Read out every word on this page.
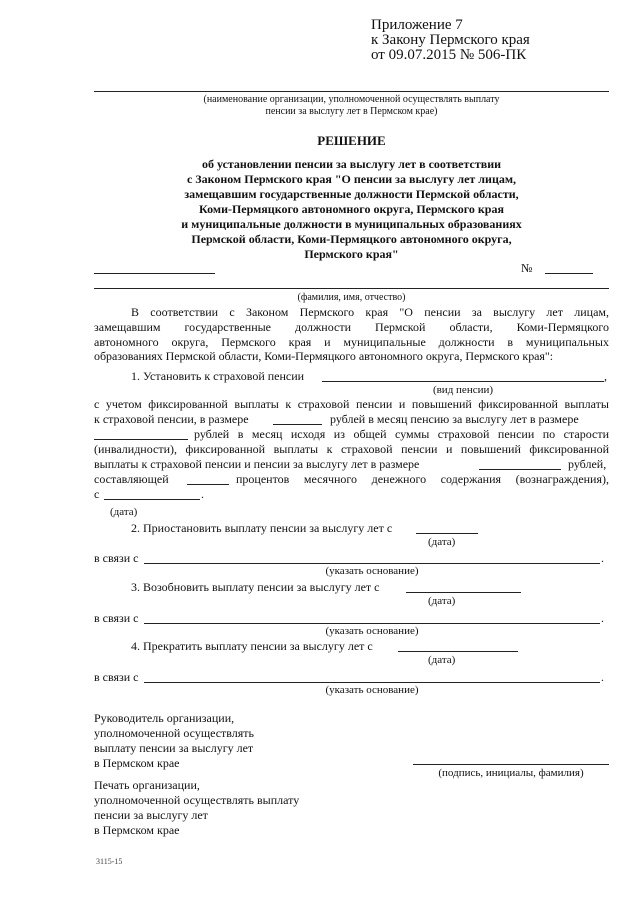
Приложение 7
к Закону Пермского края
от 09.07.2015 № 506-ПК
(наименование организации, уполномоченной осуществлять выплату
пенсии за выслугу лет в Пермском крае)
РЕШЕНИЕ
об установлении пенсии за выслугу лет в соответствии
с Законом Пермского края "О пенсии за выслугу лет лицам,
замещавшим государственные должности Пермской области,
Коми-Пермяцкого автономного округа, Пермского края
и муниципальные должности в муниципальных образованиях
Пермской области, Коми-Пермяцкого автономного округа,
Пермского края"
№
(фамилия, имя, отчество)
В соответствии с Законом Пермского края "О пенсии за выслугу лет лицам,
замещавшим государственные должности Пермской области, Коми-Пермяцкого
автономного округа, Пермского края и муниципальные должности в муниципальных
образованиях Пермской области, Коми-Пермяцкого автономного округа, Пермского края":
1. Установить к страховой пенсии	,
(вид пенсии)
с учетом фиксированной выплаты к страховой пенсии и повышений фиксированной выплаты
к страховой пенсии, в размере	рублей в месяц пенсию за выслугу лет в размере
рублей в месяц исходя из общей суммы страховой пенсии по старости
(инвалидности), фиксированной выплаты к страховой пенсии и повышений фиксированной
выплаты к страховой пенсии и пенсии за выслугу лет в размере	рублей,
составляющей	процентов месячного денежного содержания (вознаграждения),
с	.
(дата)
2. Приостановить выплату пенсии за выслугу лет с
(дата)
в связи с	.
(указать основание)
3. Возобновить выплату пенсии за выслугу лет с
(дата)
в связи с	.
(указать основание)
4. Прекратить выплату пенсии за выслугу лет с
(дата)
в связи с	.
(указать основание)
Руководитель организации,
уполномоченной осуществлять
выплату пенсии за выслугу лет
в Пермском крае
(подпись, инициалы, фамилия)
Печать организации,
уполномоченной осуществлять выплату
пенсии за выслугу лет
в Пермском крае
3115-15
